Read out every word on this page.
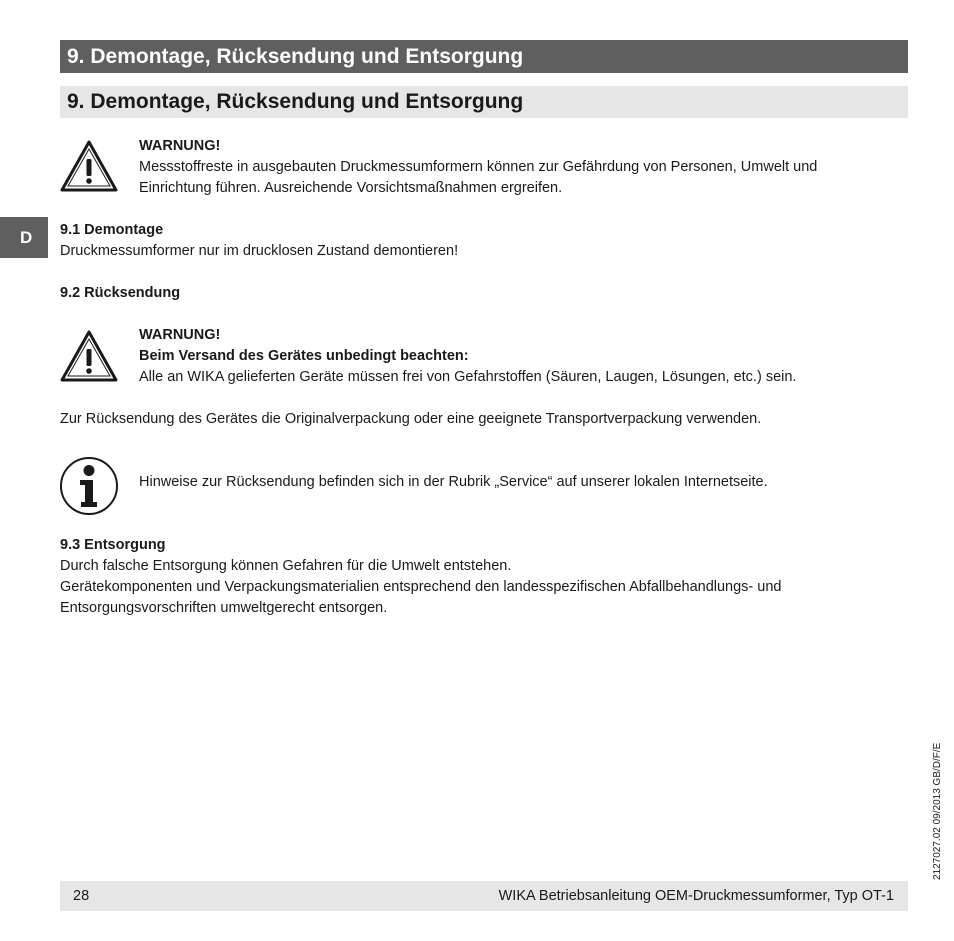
9. Demontage, Rücksendung und Entsorgung
9. Demontage, Rücksendung und Entsorgung
D
WARNUNG!
Messstoffreste in ausgebauten Druckmessumformern können zur Gefährdung von Personen, Umwelt und
Einrichtung führen. Ausreichende Vorsichtsmaßnahmen ergreifen.
9.1 Demontage
Druckmessumformer nur im drucklosen Zustand demontieren!
9.2 Rücksendung
WARNUNG!
Beim Versand des Gerätes unbedingt beachten:
Alle an WIKA gelieferten Geräte müssen frei von Gefahrstoffen (Säuren, Laugen, Lösungen, etc.) sein.
Zur Rücksendung des Gerätes die Originalverpackung oder eine geeignete Transportverpackung verwenden.
Hinweise zur Rücksendung befinden sich in der Rubrik „Service“ auf unserer lokalen Internetseite.
9.3 Entsorgung
Durch falsche Entsorgung können Gefahren für die Umwelt entstehen.
Gerätekomponenten und Verpackungsmaterialien entsprechend den landesspezifischen Abfallbehandlungs- und
Entsorgungsvorschriften umweltgerecht entsorgen.
2127027.02 09/2013 GB/D/F/E
28	WIKA Betriebsanleitung OEM-Druckmessumformer, Typ OT-1
